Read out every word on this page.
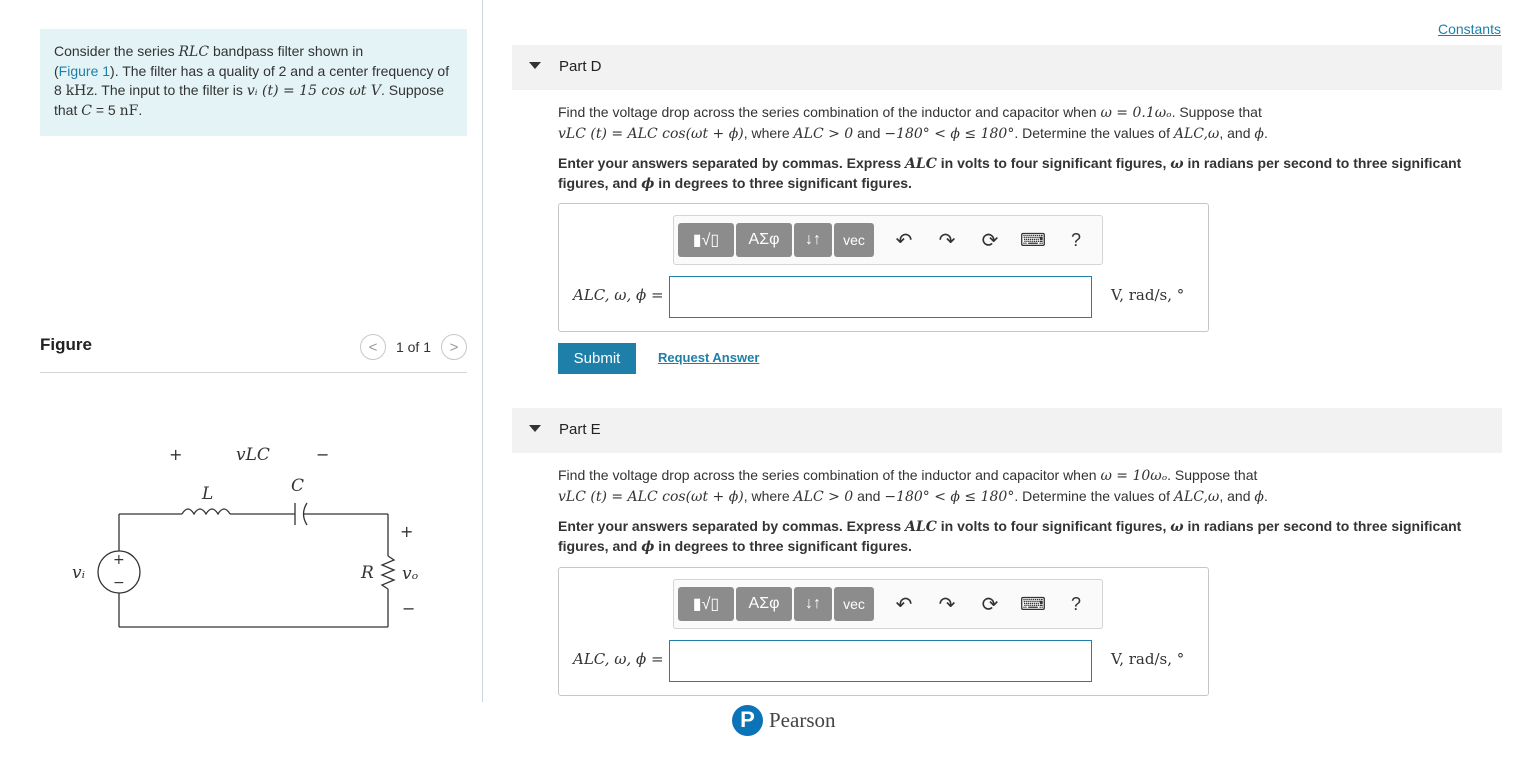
Consider the series RLC bandpass filter shown in
(Figure 1). The filter has a quality of 2 and a center frequency of 8 kHz. The input to the filter is vᵢ (t) = 15 cos ωt V. Suppose that C = 5 nF.
Figure	< 1 of 1 >
vLC
L	C
R
vᵢ	vₒ
+	−
+
−
+
−
Constants
Part D
Find the voltage drop across the series combination of the inductor and capacitor when ω = 0.1ωₒ. Suppose that
vLC (t) = ALC cos(ωt + ϕ), where ALC > 0 and −180° < ϕ ≤ 180°. Determine the values of ALC,ω, and ϕ.
Enter your answers separated by commas. Express ALC in volts to four significant figures, ω in radians per second to three significant figures, and ϕ in degrees to three significant figures.
▮√▯ ΑΣφ ↓↑ vec ↶ ↷ ⟳	⌨	?
ALC, ω, ϕ =	V, rad/s, °
Submit	Request Answer
Part E
Find the voltage drop across the series combination of the inductor and capacitor when ω = 10ωₒ. Suppose that
vLC (t) = ALC cos(ωt + ϕ), where ALC > 0 and −180° < ϕ ≤ 180°. Determine the values of ALC,ω, and ϕ.
Enter your answers separated by commas. Express ALC in volts to four significant figures, ω in radians per second to three significant figures, and ϕ in degrees to three significant figures.
▮√▯ ΑΣφ ↓↑ vec ↶ ↷ ⟳	⌨	?
ALC, ω, ϕ =	V, rad/s, °
P Pearson
